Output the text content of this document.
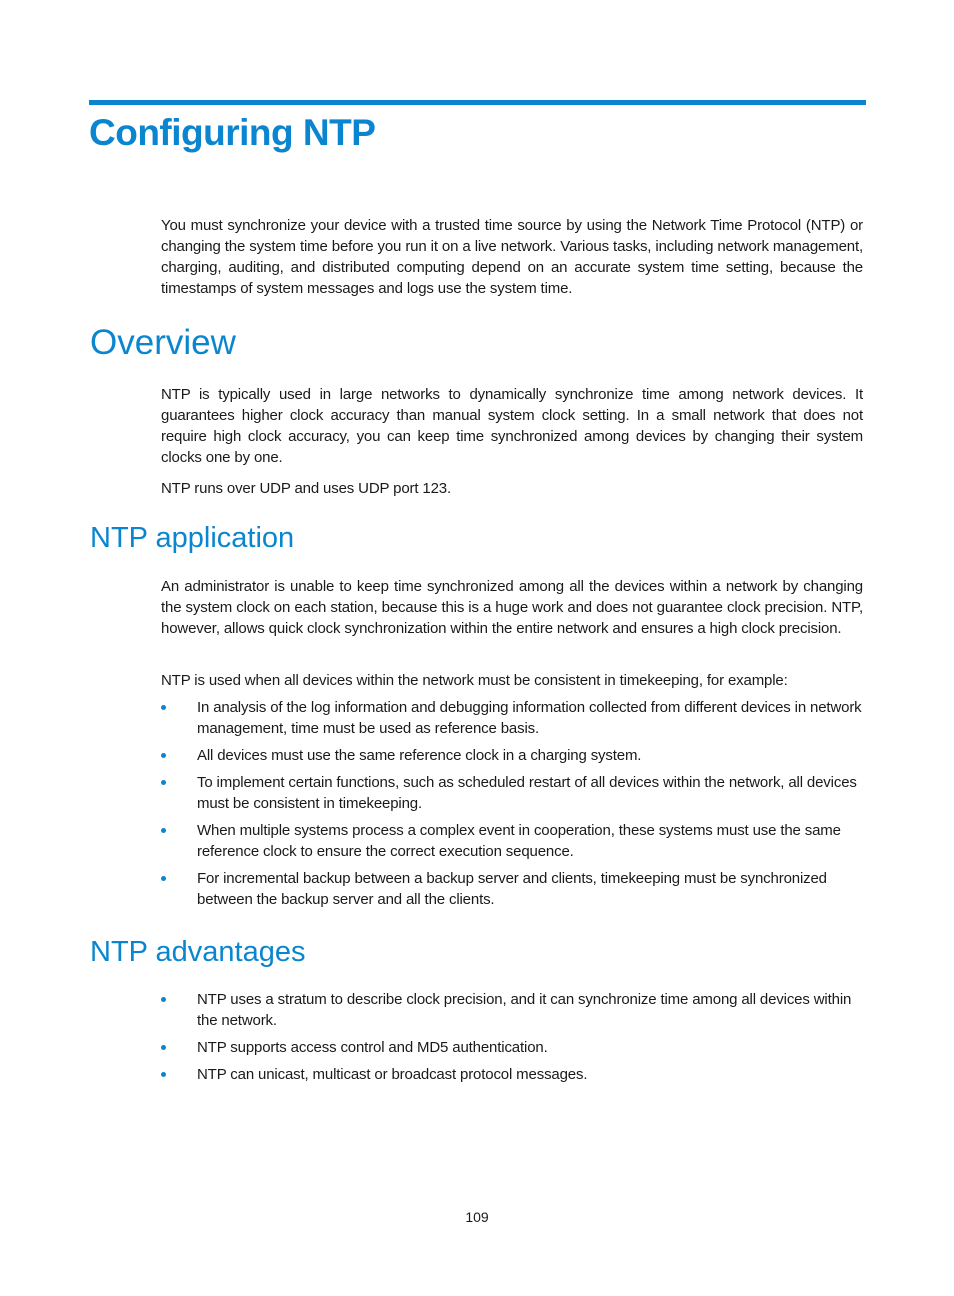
Configuring NTP

You must synchronize your device with a trusted time source by using the Network Time Protocol (NTP) or changing the system time before you run it on a live network. Various tasks, including network management, charging, auditing, and distributed computing depend on an accurate system time setting, because the timestamps of system messages and logs use the system time.

Overview

NTP is typically used in large networks to dynamically synchronize time among network devices. It guarantees higher clock accuracy than manual system clock setting. In a small network that does not require high clock accuracy, you can keep time synchronized among devices by changing their system clocks one by one.

NTP runs over UDP and uses UDP port 123.

NTP application

An administrator is unable to keep time synchronized among all the devices within a network by changing the system clock on each station, because this is a huge work and does not guarantee clock precision. NTP, however, allows quick clock synchronization within the entire network and ensures a high clock precision.

NTP is used when all devices within the network must be consistent in timekeeping, for example:

In analysis of the log information and debugging information collected from different devices in network management, time must be used as reference basis.
All devices must use the same reference clock in a charging system.
To implement certain functions, such as scheduled restart of all devices within the network, all devices must be consistent in timekeeping.
When multiple systems process a complex event in cooperation, these systems must use the same reference clock to ensure the correct execution sequence.
For incremental backup between a backup server and clients, timekeeping must be synchronized between the backup server and all the clients.
NTP advantages
NTP uses a stratum to describe clock precision, and it can synchronize time among all devices within the network.
NTP supports access control and MD5 authentication.
NTP can unicast, multicast or broadcast protocol messages.
109
